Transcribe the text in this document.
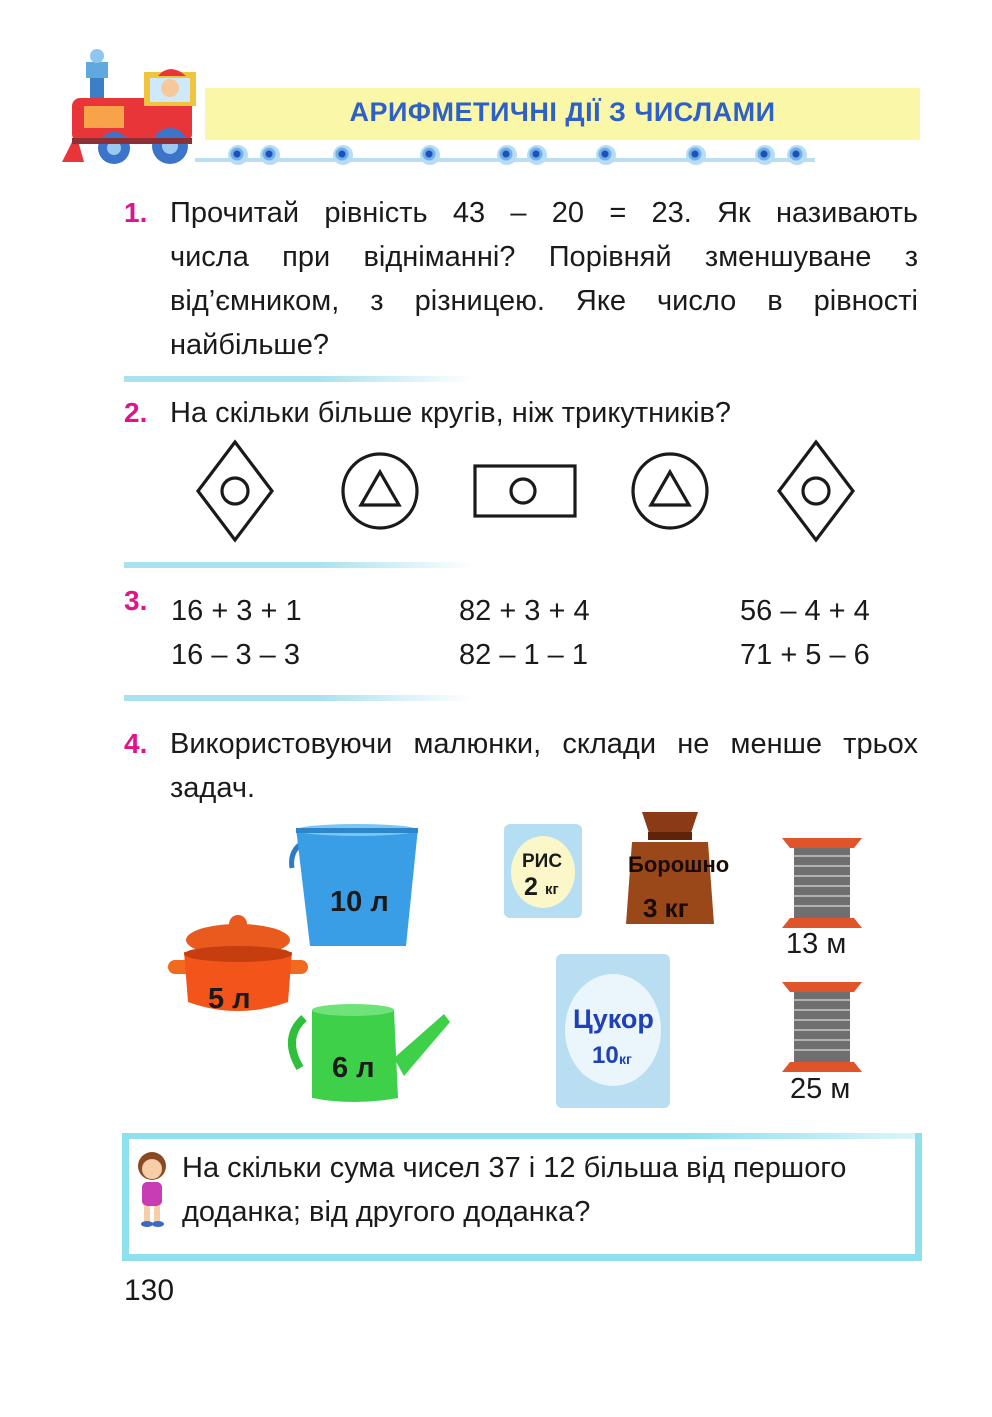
АРИФМЕТИЧНІ ДІЇ З ЧИСЛАМИ
1. Прочитай рівність 43 – 20 = 23. Як називають
числа при відніманні? Порівняй зменшуване з
від’ємником, з різницею. Яке число в рівності
найбільше?
2. На скільки більше кругів, ніж трикутників?
3. 16 + 3 + 1
16 – 3 – 3
82 + 3 + 4
82 – 1 – 1
56 – 4 + 4
71 + 5 – 6
4. Використовуючи малюнки, склади не менше трьох
задач.
10 л
5 л
6 л
РИС
2 кг
Борошно
3 кг
Цукор
10 кг
13 м
25 м
На скільки сума чисел 37 і 12 більша від першого
доданка; від другого доданка?
130
